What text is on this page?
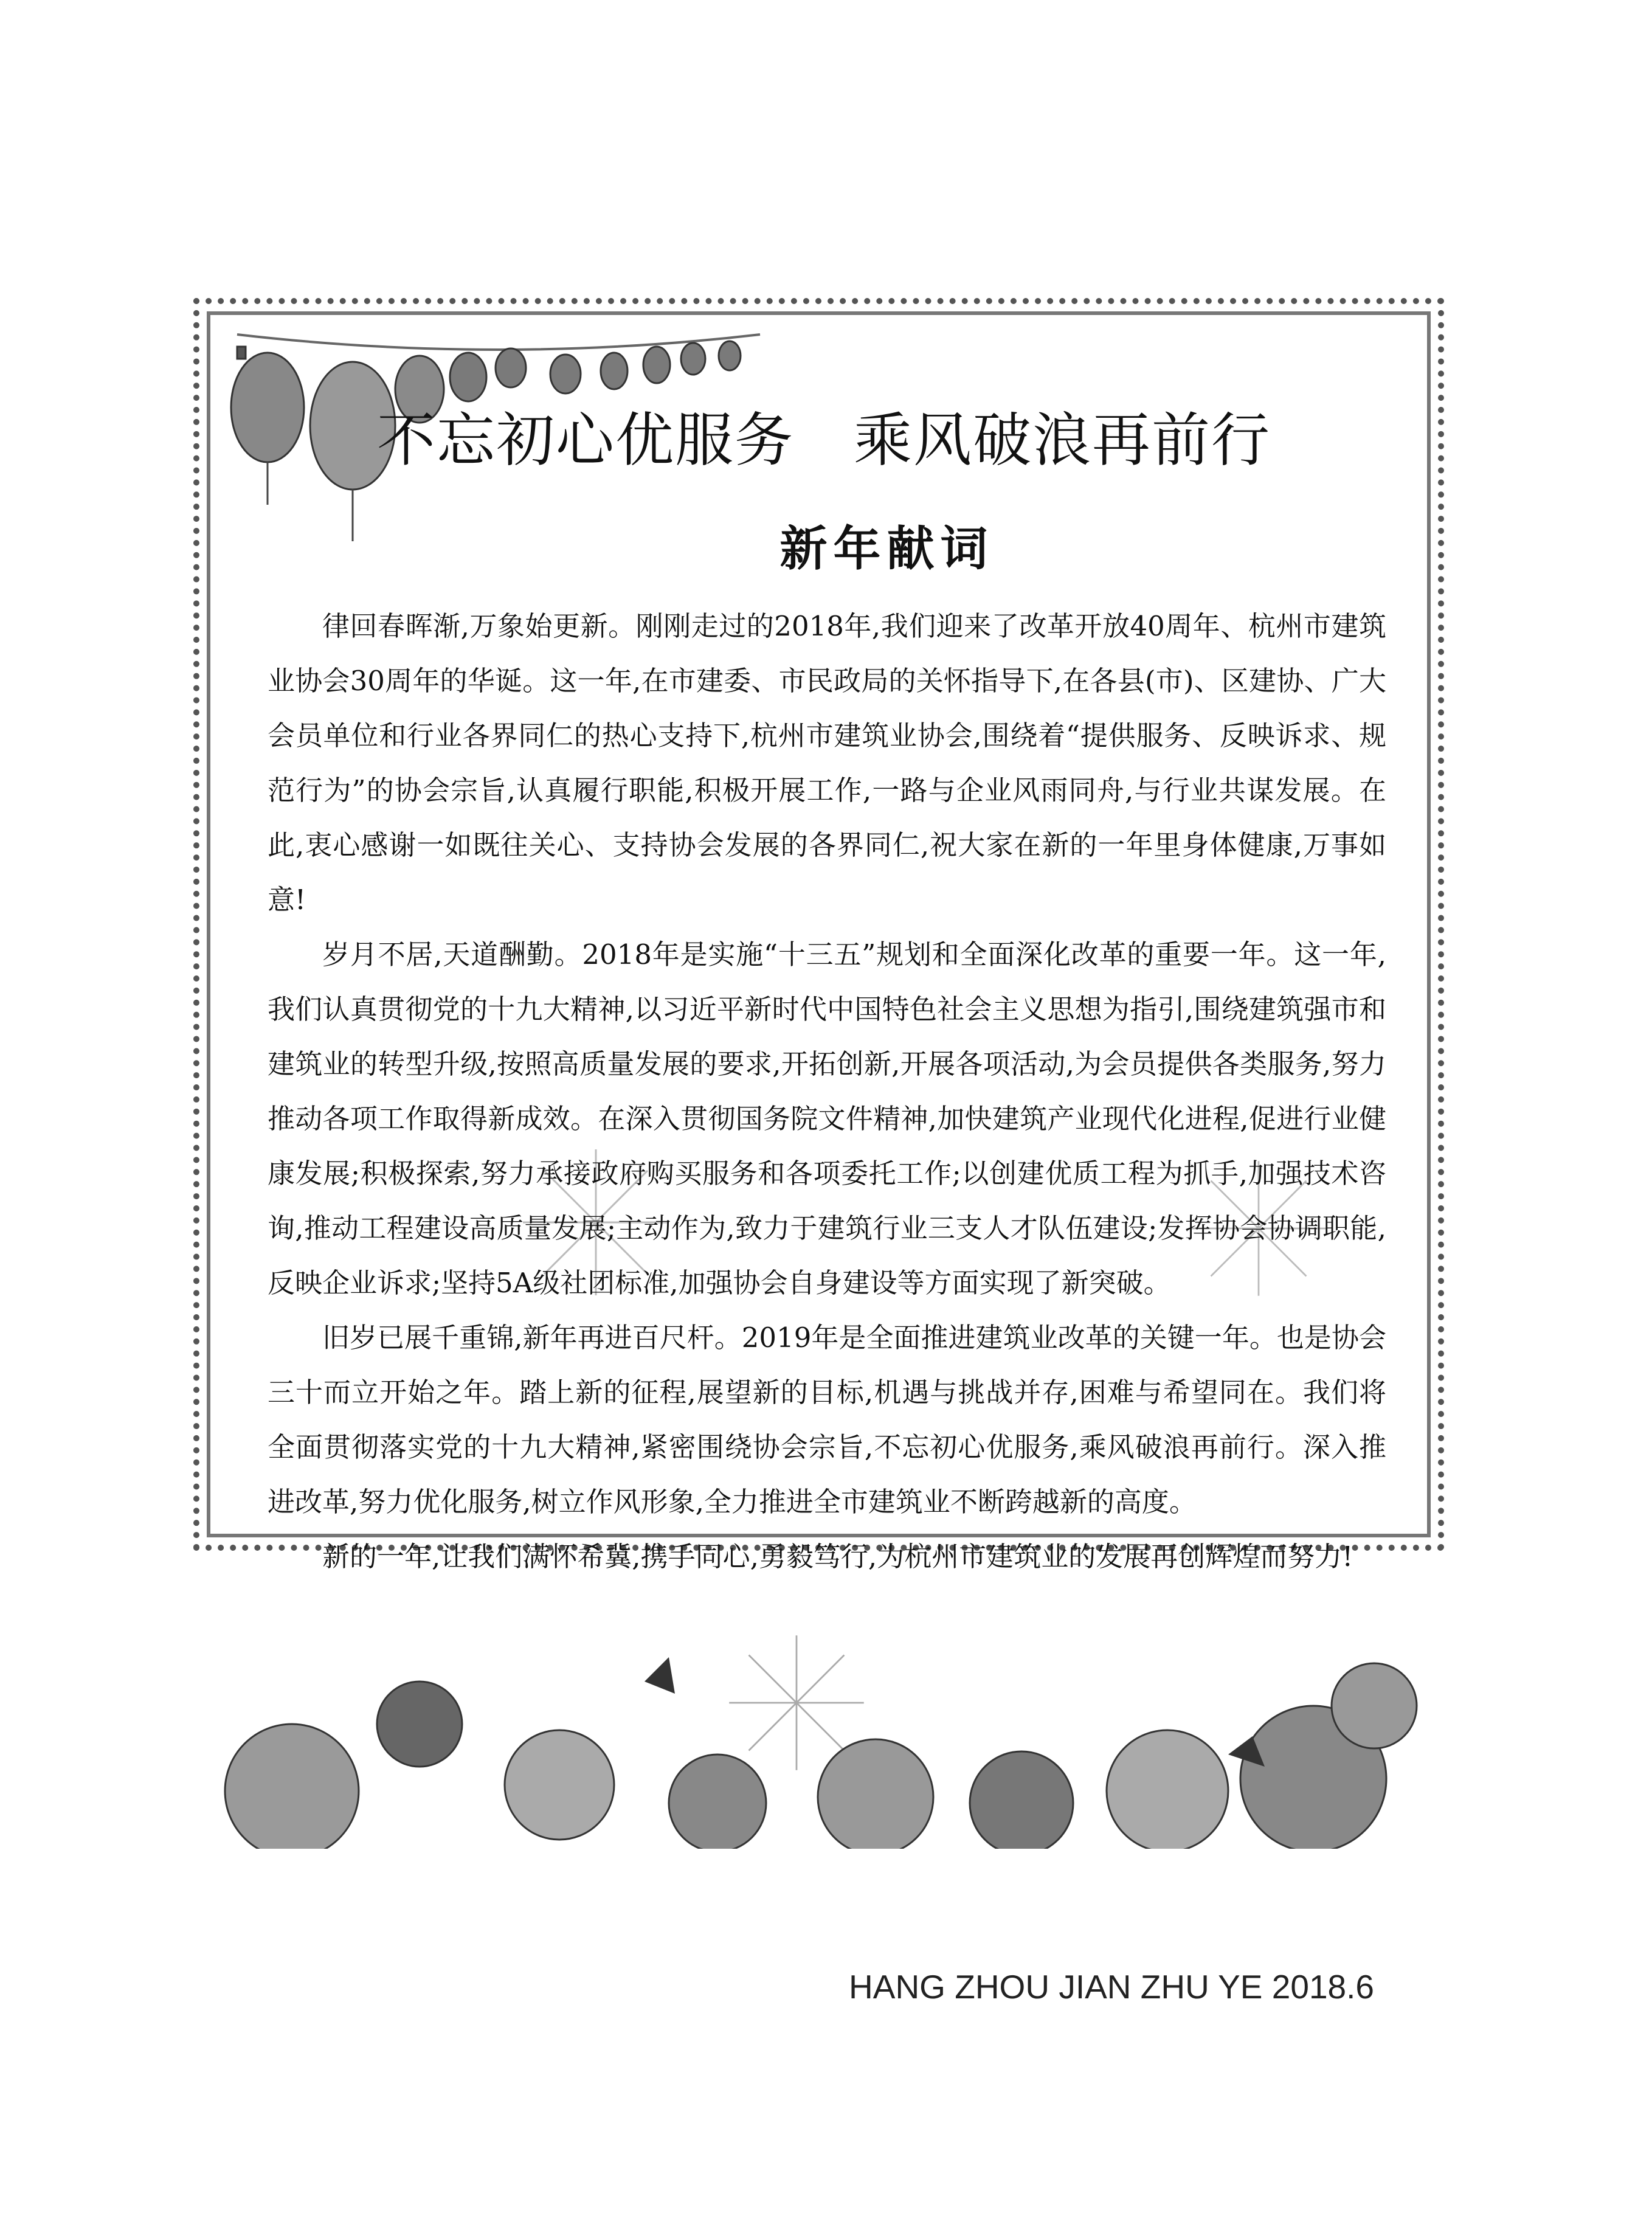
不忘初心优服务　乘风破浪再前行
新年献词

律回春晖渐,万象始更新。刚刚走过的2018年,我们迎来了改革开放40周年、杭州市建筑业协会30周年的华诞。这一年,在市建委、市民政局的关怀指导下,在各县(市)、区建协、广大会员单位和行业各界同仁的热心支持下,杭州市建筑业协会,围绕着“提供服务、反映诉求、规范行为”的协会宗旨,认真履行职能,积极开展工作,一路与企业风雨同舟,与行业共谋发展。在此,衷心感谢一如既往关心、支持协会发展的各界同仁,祝大家在新的一年里身体健康,万事如意!

岁月不居,天道酬勤。2018年是实施“十三五”规划和全面深化改革的重要一年。这一年,我们认真贯彻党的十九大精神,以习近平新时代中国特色社会主义思想为指引,围绕建筑强市和建筑业的转型升级,按照高质量发展的要求,开拓创新,开展各项活动,为会员提供各类服务,努力推动各项工作取得新成效。在深入贯彻国务院文件精神,加快建筑产业现代化进程,促进行业健康发展;积极探索,努力承接政府购买服务和各项委托工作;以创建优质工程为抓手,加强技术咨询,推动工程建设高质量发展;主动作为,致力于建筑行业三支人才队伍建设;发挥协会协调职能,反映企业诉求;坚持5A级社团标准,加强协会自身建设等方面实现了新突破。

旧岁已展千重锦,新年再进百尺杆。2019年是全面推进建筑业改革的关键一年。也是协会三十而立开始之年。踏上新的征程,展望新的目标,机遇与挑战并存,困难与希望同在。我们将全面贯彻落实党的十九大精神,紧密围绕协会宗旨,不忘初心优服务,乘风破浪再前行。深入推进改革,努力优化服务,树立作风形象,全力推进全市建筑业不断跨越新的高度。

新的一年,让我们满怀希冀,携手同心,勇毅笃行,为杭州市建筑业的发展再创辉煌而努力!

HANG ZHOU JIAN ZHU YE 2018.6
